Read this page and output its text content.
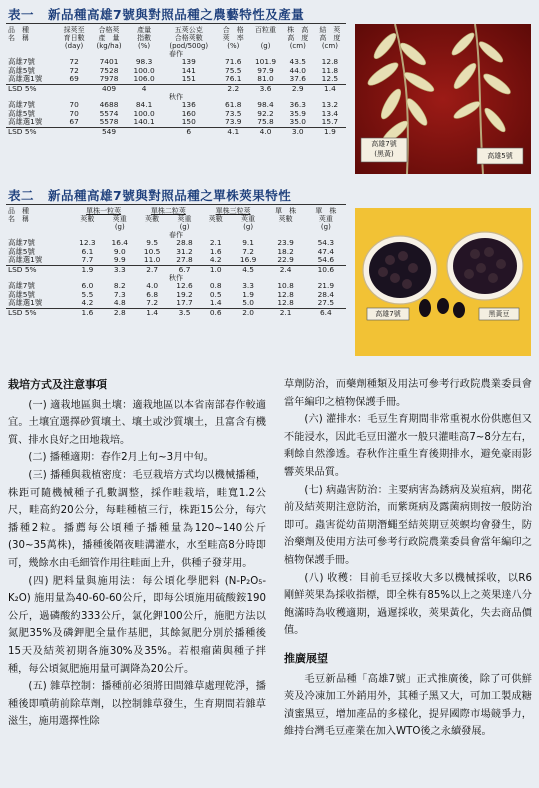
表一 新品種高雄7號與對照品種之農藝特性及產量
品　種	採莢至	合格莢	產量	五莢公克	合　格	百粒重	株　高	結　莢
名　稱	育日數	產　量	指數	合格莢數	莢　率		高　度	高　度
	(day)	(kg/ha)	(%)	(pod/500g)	(%)	(g)	(cm)	(cm)
春作								
高雄7號	72	7401	98.3	139	71.6	101.9	43.5	12.8
高雄5號	72	7528	100.0	141	75.5	97.9	44.0	11.8
高雄選1號	69	7978	106.0	151	76.1	81.0	37.6	12.5
LSD 5%		409	4		2.2	3.6	2.9	1.4
秋作								
高雄7號	70	4688	84.1	136	61.8	98.4	36.3	13.2
高雄5號	70	5574	100.0	160	73.5	92.2	35.9	13.4
高雄選1號	67	5578	140.1	150	73.9	75.8	35.0	15.7
LSD 5%		549		6	4.1	4.0	3.0	1.9
高雄7號
(黑黃)	高雄5號
表二 新品種高雄7號與對照品種之單株莢果特性
品　種	單株一粒莢		單株二粒莢		單株三粒莢		單　株	單　株
名　稱	莢數	莢重	莢數	莢重	莢數	莢重	莢數	莢重
		(g)		(g)		(g)		(g)
春作								
高雄7號	12.3	16.4	9.5	28.8	2.1	9.1	23.9	54.3
高雄5號	6.1	9.0	10.5	31.2	1.6	7.2	18.2	47.4
高雄選1號	7.7	9.9	11.0	27.8	4.2	16.9	22.9	54.6
LSD 5%	1.9	3.3	2.7	6.7	1.0	4.5	2.4	10.6
秋作								
高雄7號	6.0	8.2	4.0	12.6	0.8	3.3	10.8	21.9
高雄5號	5.5	7.3	6.8	19.2	0.5	1.9	12.8	28.4
高雄選1號	4.2	4.8	7.2	17.7	1.4	5.0	12.8	27.5
LSD 5%	1.6	2.8	1.4	3.5	0.6	2.0	2.1	6.4	高雄7號	黑黃豆
栽培方式及注意事項

(一) 適栽地區與土壤：適栽地區以本省南部春作較適宜。土壤宜選擇砂質壤土、壤土或沙質壤土，且富含有機質、排水良好之田地栽培。

(二) 播種適期：春作2月上旬~3月中旬。

(三) 播種與栽植密度：毛豆栽培方式均以機械播種，株距可隨機械種子孔數調整，採作畦栽培，畦寬1.2公尺，畦高約20公分，每畦種植三行，株距15公分，每穴播種2粒。播薦每公頃種子播種量為120~140公斤 (30~35萬株)，播種後隔夜畦溝灌水，水至畦高8分時即可，幾餘水由毛細管作用往畦面上升，供種子發芽用。

(四) 肥料量與施用法：每公頃化學肥料 (N-P₂O₅-K₂O) 施用量為40-60-60公斤，即每公頃施用硫酸銨190公斤，過磷酸約333公斤，氯化鉀100公斤，施肥方法以氮肥35%及磷鉀肥全量作基肥，其餘氮肥分別於播種後15天及結莢初期各施30%及35%。若根瘤菌與種子拌種，每公頃氮肥施用量可調降為20公斤。

(五) 雜草控制：播種前必須將田間雜草處理乾淨，播種後即噴萌前除草劑，以控制雜草發生，生育期間若雜草滋生，施用選擇性除

草劑防治，而藥劑種類及用法可參考行政院農業委員會當年編印之植物保護手冊。

(六) 灌排水：毛豆生育期間非常重視水份供應但又不能浸水，因此毛豆田灌水一般只灌畦高7~8分左右，剩餘自然滲透。春秋作注重生育後期排水，避免豪雨影響莢果品質。

(七) 病蟲害防治：主要病害為銹病及炭疽病，開花前及結莢期注意防治，而紫斑病及露菌病則按一般防治即可。蟲害從幼苗期潛蠅至結莢期豆莢螟均會發生，防治藥劑及使用方法可參考行政院農業委員會當年編印之植物保護手冊。

(八) 收穫：目前毛豆採收大多以機械採收，以R6剛鮮莢果為採收指標，即全株有85%以上之莢果達八分飽滿時為收穫適期，過遲採收，莢果黃化，失去商品價值。

推廣展望

毛豆新品種「高雄7號」正式推廣後，除了可供鮮莢及冷凍加工外銷用外，其種子黑又大，可加工製成糖漬蜜黑豆，增加產品的多樣化，提昇國際市場競爭力，維持台灣毛豆產業在加入WTO後之永續發展。
